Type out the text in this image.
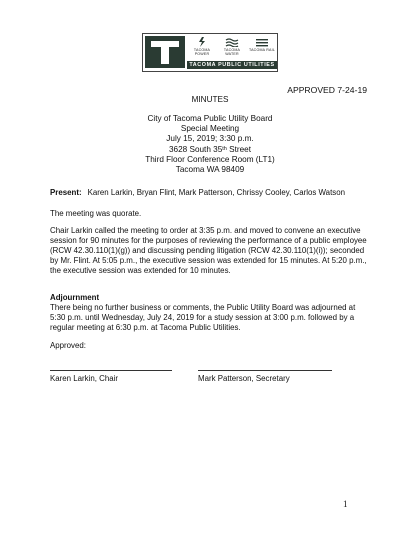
TACOMA POWER
TACOMA WATER
TACOMA RAIL
TACOMA PUBLIC UTILITIES
APPROVED 7-24-19
MINUTES
City of Tacoma Public Utility Board
Special Meeting
July 15, 2019; 3:30 p.m.
3628 South 35th Street
Third Floor Conference Room (LT1)
Tacoma WA 98409
Present: Karen Larkin, Bryan Flint, Mark Patterson, Chrissy Cooley, Carlos Watson
The meeting was quorate.
Chair Larkin called the meeting to order at 3:35 p.m. and moved to convene an executive session for 90 minutes for the purposes of reviewing the performance of a public employee (RCW 42.30.110(1)(g)) and discussing pending litigation (RCW 42.30.110(1)(i)); seconded by Mr. Flint. At 5:05 p.m., the executive session was extended for 15 minutes. At 5:20 p.m., the executive session was extended for 10 minutes.
Adjournment
There being no further business or comments, the Public Utility Board was adjourned at 5:30 p.m. until Wednesday, July 24, 2019 for a study session at 3:00 p.m. followed by a regular meeting at 6:30 p.m. at Tacoma Public Utilities.
Approved:
Karen Larkin, Chair	Mark Patterson, Secretary
1
